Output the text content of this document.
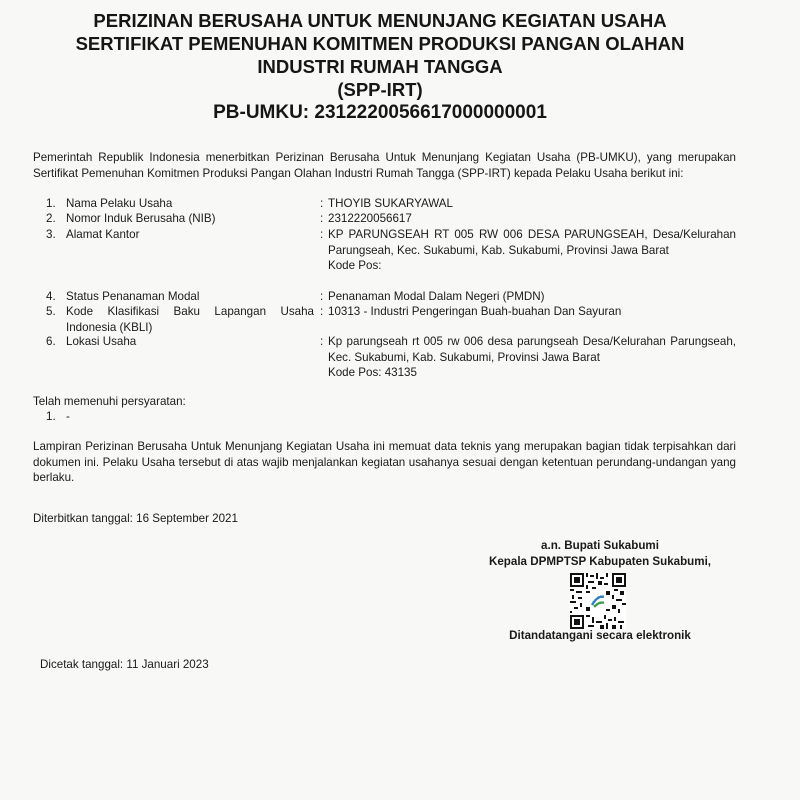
PERIZINAN BERUSAHA UNTUK MENUNJANG KEGIATAN USAHA
SERTIFIKAT PEMENUHAN KOMITMEN PRODUKSI PANGAN OLAHAN
INDUSTRI RUMAH TANGGA
(SPP-IRT)
PB-UMKU: 2312220056617000000001
Pemerintah Republik Indonesia menerbitkan Perizinan Berusaha Untuk Menunjang Kegiatan Usaha (PB-UMKU), yang merupakan Sertifikat Pemenuhan Komitmen Produksi Pangan Olahan Industri Rumah Tangga (SPP-IRT) kepada Pelaku Usaha berikut ini:
1. Nama Pelaku Usaha	: THOYIB SUKARYAWAL
2. Nomor Induk Berusaha (NIB)	: 2312220056617
3. Alamat Kantor	: KP PARUNGSEAH RT 005 RW 006 DESA PARUNGSEAH, Desa/Kelurahan Parungseah, Kec. Sukabumi, Kab. Sukabumi, Provinsi Jawa Barat
Kode Pos:
4. Status Penanaman Modal	: Penanaman Modal Dalam Negeri (PMDN)
5. Kode Klasifikasi Baku Lapangan Usaha Indonesia (KBLI)
: 10313 - Industri Pengeringan Buah-buahan Dan Sayuran
6. Lokasi Usaha	: Kp parungseah rt 005 rw 006 desa parungseah Desa/Kelurahan Parungseah, Kec. Sukabumi, Kab. Sukabumi, Provinsi Jawa Barat
Kode Pos: 43135
Telah memenuhi persyaratan:
1. -
Lampiran Perizinan Berusaha Untuk Menunjang Kegiatan Usaha ini memuat data teknis yang merupakan bagian tidak terpisahkan dari dokumen ini. Pelaku Usaha tersebut di atas wajib menjalankan kegiatan usahanya sesuai dengan ketentuan perundang-undangan yang berlaku.
Diterbitkan tanggal: 16 September 2021
a.n. Bupati Sukabumi
Kepala DPMPTSP Kabupaten Sukabumi,
Ditandatangani secara elektronik
Dicetak tanggal: 11 Januari 2023
